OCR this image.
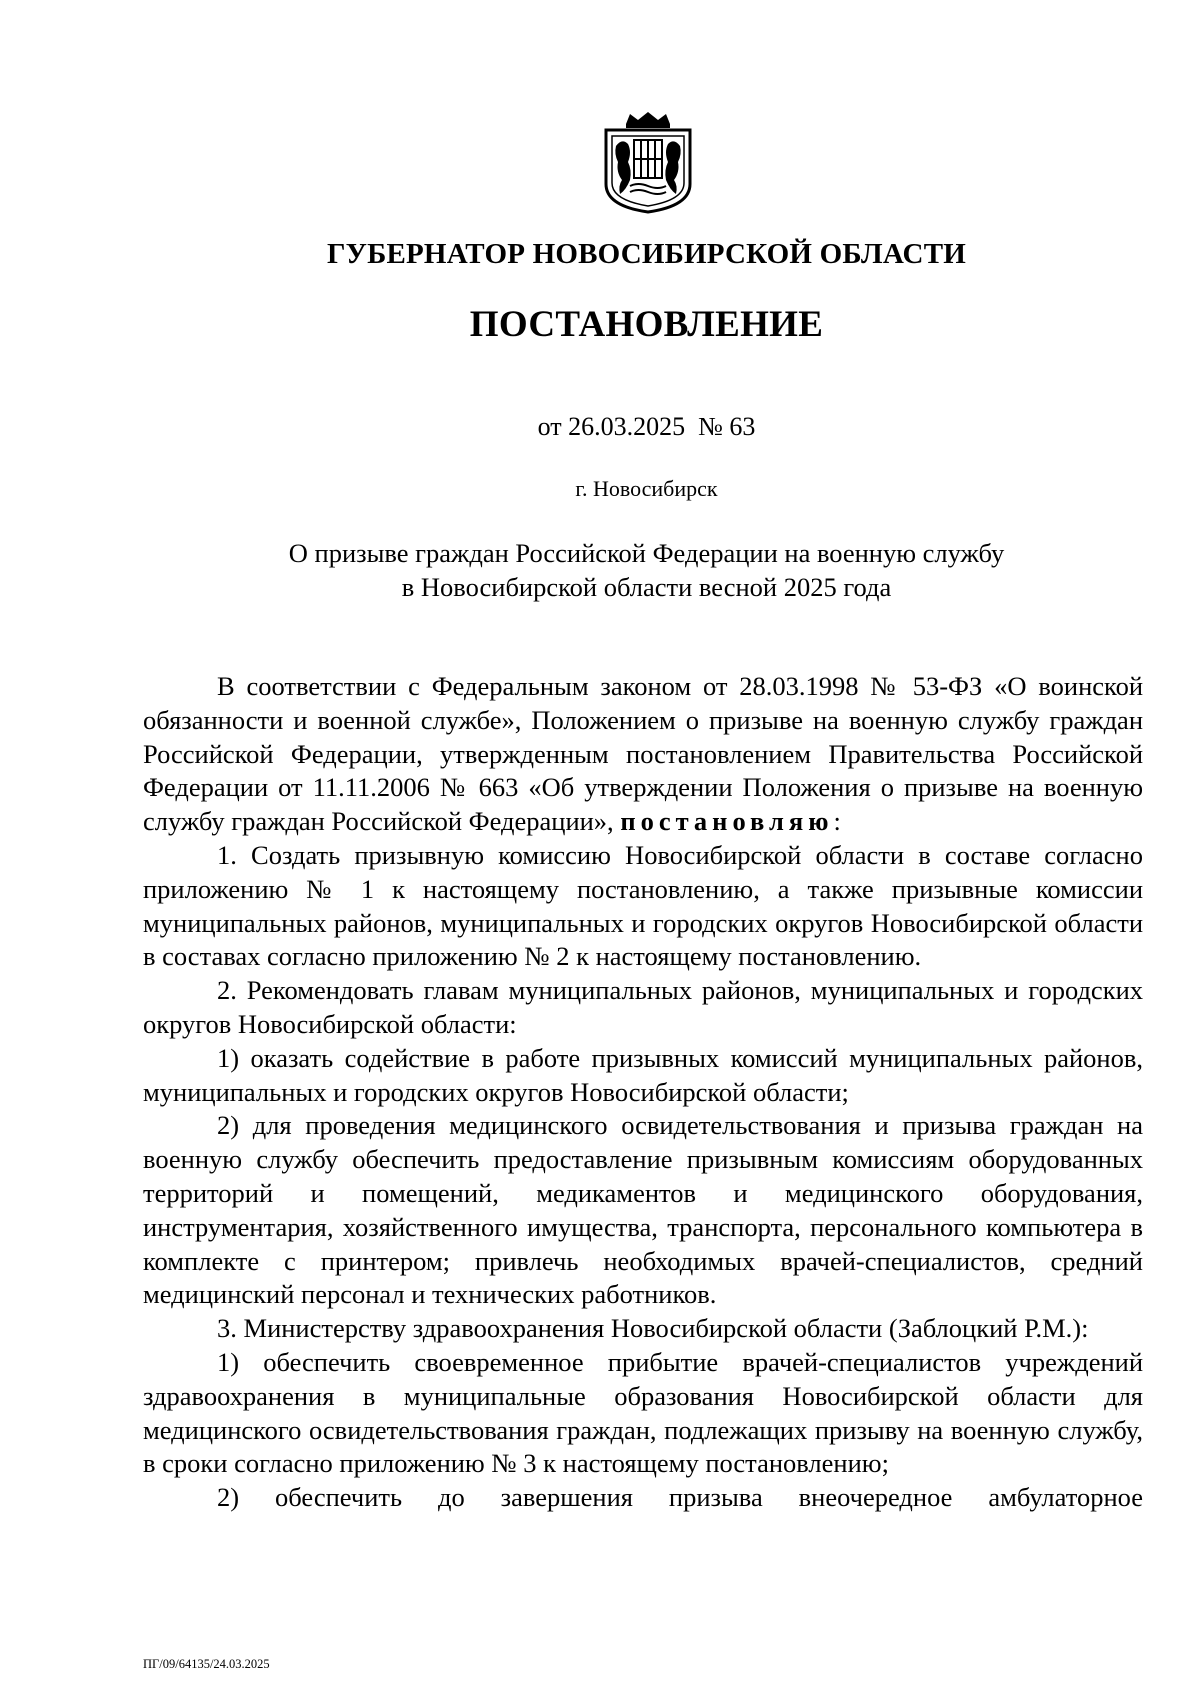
ГУБЕРНАТОР НОВОСИБИРСКОЙ ОБЛАСТИ
ПОСТАНОВЛЕНИЕ
от 26.03.2025  № 63
г. Новосибирск
О призыве граждан Российской Федерации на военную службу
в Новосибирской области весной 2025 года

В соответствии с Федеральным законом от 28.03.1998 № 53-ФЗ «О воинской обязанности и военной службе», Положением о призыве на военную службу граждан Российской Федерации, утвержденным постановлением Правительства Российской Федерации от 11.11.2006 № 663 «Об утверждении Положения о призыве на военную службу граждан Российской Федерации», постановляю:

1. Создать призывную комиссию Новосибирской области в составе согласно приложению № 1 к настоящему постановлению, а также призывные комиссии муниципальных районов, муниципальных и городских округов Новосибирской области в составах согласно приложению № 2 к настоящему постановлению.

2. Рекомендовать главам муниципальных районов, муниципальных и городских округов Новосибирской области:

1) оказать содействие в работе призывных комиссий муниципальных районов, муниципальных и городских округов Новосибирской области;

2) для проведения медицинского освидетельствования и призыва граждан на военную службу обеспечить предоставление призывным комиссиям оборудованных территорий и помещений, медикаментов и медицинского оборудования, инструментария, хозяйственного имущества, транспорта, персонального компьютера в комплекте с принтером; привлечь необходимых врачей-специалистов, средний медицинский персонал и технических работников.

3. Министерству здравоохранения Новосибирской области (Заблоцкий Р.М.):

1) обеспечить своевременное прибытие врачей-специалистов учреждений здравоохранения в муниципальные образования Новосибирской области для медицинского освидетельствования граждан, подлежащих призыву на военную службу, в сроки согласно приложению № 3 к настоящему постановлению;

2) обеспечить до завершения призыва внеочередное амбулаторное

ПГ/09/64135/24.03.2025
